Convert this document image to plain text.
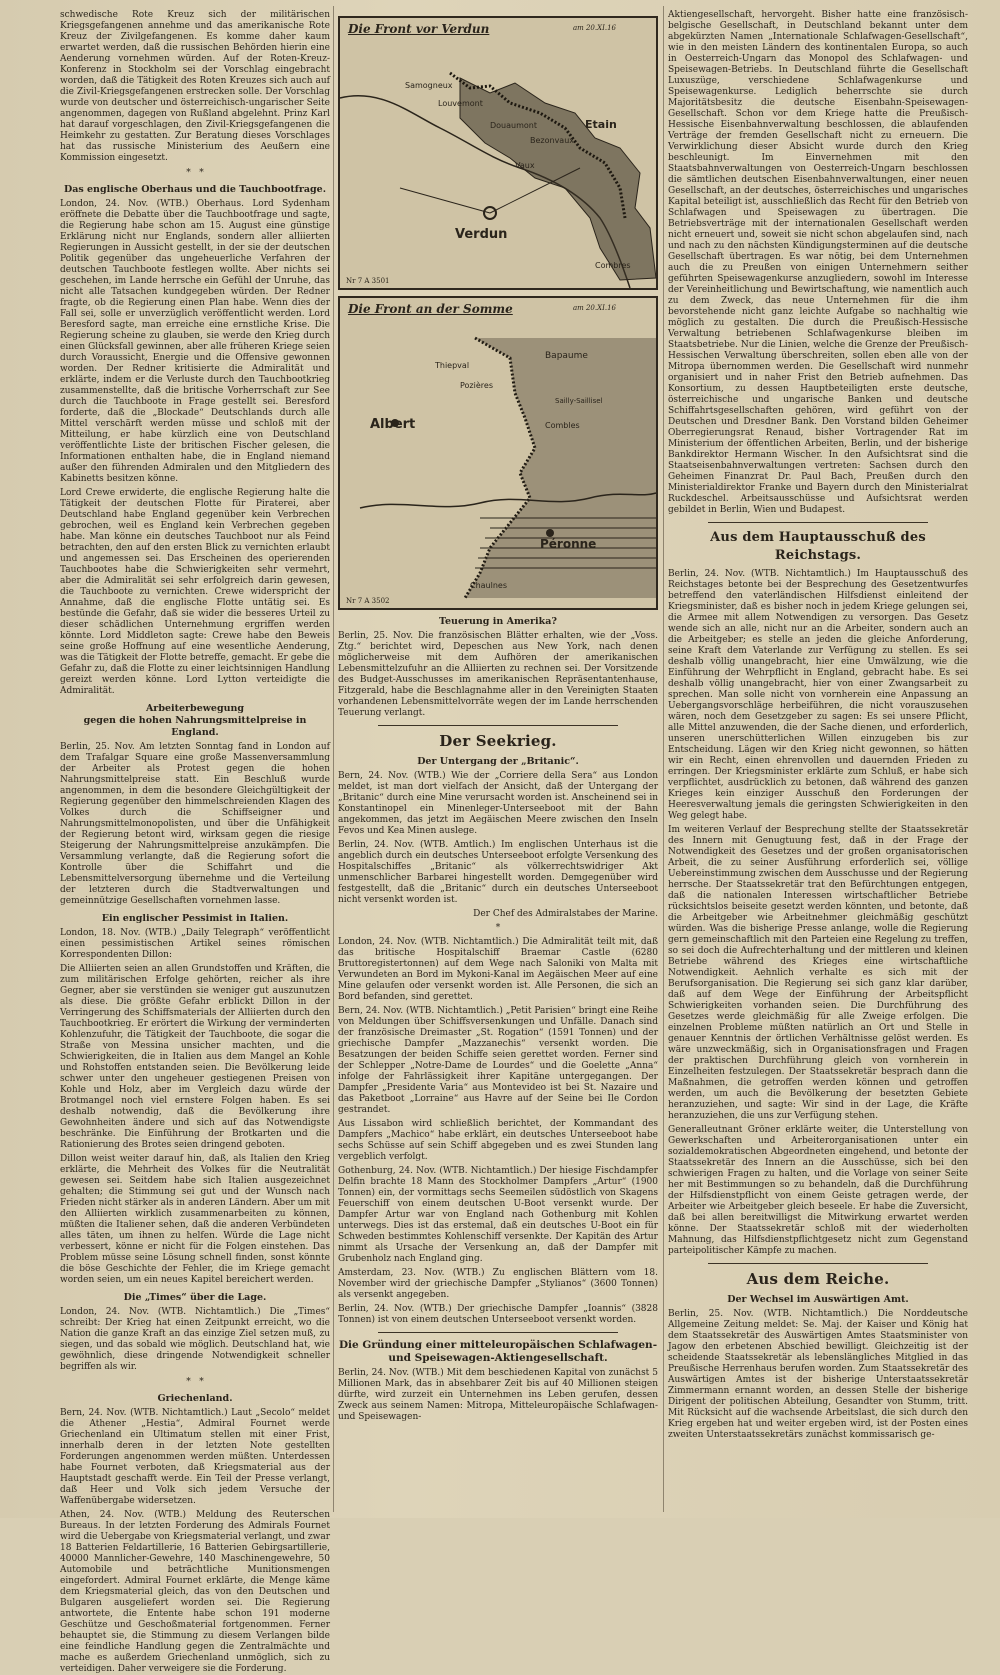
schwedische Rote Kreuz sich der militärischen Kriegsgefangenen annehme und das amerikanische Rote Kreuz der Zivilgefangenen. Es komme daher kaum erwartet werden, daß die russischen Behörden hierin eine Aenderung vornehmen würden. Auf der Roten-Kreuz-Konferenz in Stockholm sei der Vorschlag eingebracht worden, daß die Tätigkeit des Roten Kreuzes sich auch auf die Zivil-Kriegsgefangenen erstrecken solle. Der Vorschlag wurde von deutscher und österreichisch-ungarischer Seite angenommen, dagegen von Rußland abgelehnt. Prinz Karl hat darauf vorgeschlagen, den Zivil-Kriegsgefangenen die Heimkehr zu gestatten. Zur Beratung dieses Vorschlages hat das russische Ministerium des Aeußern eine Kommission eingesetzt.

*   *
Das englische Oberhaus und die Tauchbootfrage.

London, 24. Nov. (WTB.) Oberhaus. Lord Sydenham eröffnete die Debatte über die Tauchbootfrage und sagte, die Regierung habe schon am 15. August eine günstige Erklärung nicht nur Englands, sondern aller alliierten Regierungen in Aussicht gestellt, in der sie der deutschen Politik gegenüber das ungeheuerliche Verfahren der deutschen Tauchboote festlegen wollte. Aber nichts sei geschehen, im Lande herrsche ein Gefühl der Unruhe, das nicht alle Tatsachen kundgegeben würden. Der Redner fragte, ob die Regierung einen Plan habe. Wenn dies der Fall sei, solle er unverzüglich veröffentlicht werden. Lord Beresford sagte, man erreiche eine ernstliche Krise. Die Regierung scheine zu glauben, sie werde den Krieg durch einen Glücksfall gewinnen, aber alle früheren Kriege seien durch Voraussicht, Energie und die Offensive gewonnen worden. Der Redner kritisierte die Admiralität und erklärte, indem er die Verluste durch den Tauchbootkrieg zusammenstellte, daß die britische Vorherrschaft zur See durch die Tauchboote in Frage gestellt sei. Beresford forderte, daß die „Blockade“ Deutschlands durch alle Mittel verschärft werden müsse und schloß mit der Mitteilung, er habe kürzlich eine von Deutschland veröffentlichte Liste der britischen Fischer gelesen, die Informationen enthalten habe, die in England niemand außer den führenden Admiralen und den Mitgliedern des Kabinetts besitzen könne.

Lord Crewe erwiderte, die englische Regierung halte die Tätigkeit der deutschen Flotte für Piraterei, aber Deutschland habe England gegenüber kein Verbrechen gebrochen, weil es England kein Verbrechen gegeben habe. Man könne ein deutsches Tauchboot nur als Feind betrachten, den auf den ersten Blick zu vernichten erlaubt und angemessen sei. Das Erscheinen des operierenden Tauchbootes habe die Schwierigkeiten sehr vermehrt, aber die Admiralität sei sehr erfolgreich darin gewesen, die Tauchboote zu vernichten. Crewe widerspricht der Annahme, daß die englische Flotte untätig sei. Es bestünde die Gefahr, daß sie wider die besseres Urteil zu dieser schädlichen Unternehmung ergriffen werden könnte. Lord Middleton sagte: Crewe habe den Beweis seine große Hoffnung auf eine wesentliche Aenderung, was die Tätigkeit der Flotte betreffe, gemacht. Er gebe die Gefahr zu, daß die Flotte zu einer leichtsinnigen Handlung gereizt werden könne. Lord Lytton verteidigte die Admiralität.

Arbeiterbewegung
gegen die hohen Nahrungsmittelpreise in England.

Berlin, 25. Nov. Am letzten Sonntag fand in London auf dem Trafalgar Square eine große Massenversammlung der Arbeiter als Protest gegen die hohen Nahrungsmittelpreise statt. Ein Beschluß wurde angenommen, in dem die besondere Gleichgültigkeit der Regierung gegenüber den himmelschreienden Klagen des Volkes durch die Schiffseigner und Nahrungsmittelmonopolisten, und über die Unfähigkeit der Regierung betont wird, wirksam gegen die riesige Steigerung der Nahrungsmittelpreise anzukämpfen. Die Versammlung verlangte, daß die Regierung sofort die Kontrolle über die Schiffahrt und die Lebensmittelversorgung übernehme und die Verteilung der letzteren durch die Stadtverwaltungen und gemeinnützige Gesellschaften vornehmen lasse.

Ein englischer Pessimist in Italien.

London, 18. Nov. (WTB.) „Daily Telegraph“ veröffentlicht einen pessimistischen Artikel seines römischen Korrespondenten Dillon:

Die Alliierten seien an allen Grundstoffen und Kräften, die zum militärischen Erfolge gehörten, reicher als ihre Gegner, aber sie verstünden sie weniger gut auszunutzen als diese. Die größte Gefahr erblickt Dillon in der Verringerung des Schiffsmaterials der Alliierten durch den Tauchbootkrieg. Er erörtert die Wirkung der verminderten Kohlenzufuhr, die Tätigkeit der Tauchboote, die sogar die Straße von Messina unsicher machten, und die Schwierigkeiten, die in Italien aus dem Mangel an Kohle und Rohstoffen entstanden seien. Die Bevölkerung leide schwer unter den ungeheuer gestiegenen Preisen von Kohle und Holz, aber im Vergleich dazu würde der Brotmangel noch viel ernstere Folgen haben. Es sei deshalb notwendig, daß die Bevölkerung ihre Gewohnheiten ändere und sich auf das Notwendigste beschränke. Die Einführung der Brotkarten und die Rationierung des Brotes seien dringend geboten.

Dillon weist weiter darauf hin, daß, als Italien den Krieg erklärte, die Mehrheit des Volkes für die Neutralität gewesen sei. Seitdem habe sich Italien ausgezeichnet gehalten; die Stimmung sei gut und der Wunsch nach Frieden nicht stärker als in anderen Ländern. Aber um mit den Alliierten wirklich zusammenarbeiten zu können, müßten die Italiener sehen, daß die anderen Verbündeten alles täten, um ihnen zu helfen. Würde die Lage nicht verbessert, könne er nicht für die Folgen einstehen. Das Problem müsse seine Lösung schnell finden, sonst könnte die böse Geschichte der Fehler, die im Kriege gemacht worden seien, um ein neues Kapitel bereichert werden.

Die „Times“ über die Lage.

London, 24. Nov. (WTB. Nichtamtlich.) Die „Times“ schreibt: Der Krieg hat einen Zeitpunkt erreicht, wo die Nation die ganze Kraft an das einzige Ziel setzen muß, zu siegen, und das sobald wie möglich. Deutschland hat, wie gewöhnlich, diese dringende Notwendigkeit schneller begriffen als wir.

*   *
Griechenland.

Bern, 24. Nov. (WTB. Nichtamtlich.) Laut „Secolo“ meldet die Athener „Hestia“, Admiral Fournet werde Griechenland ein Ultimatum stellen mit einer Frist, innerhalb deren in der letzten Note gestellten Forderungen angenommen werden müßten. Unterdessen habe Fournet verboten, daß Kriegsmaterial aus der Hauptstadt geschafft werde. Ein Teil der Presse verlangt, daß Heer und Volk sich jedem Versuche der Waffenübergabe widersetzen.

Athen, 24. Nov. (WTB.) Meldung des Reuterschen Bureaus. In der letzten Forderung des Admirals Fournet wird die Uebergabe von Kriegsmaterial verlangt, und zwar 18 Batterien Feldartillerie, 16 Batterien Gebirgsartillerie, 40000 Mannlicher-Gewehre, 140 Maschinengewehre, 50 Automobile und beträchtliche Munitionsmengen eingefordert. Admiral Fournet erklärte, die Menge käme dem Kriegsmaterial gleich, das von den Deutschen und Bulgaren ausgeliefert worden sei. Die Regierung antwortete, die Entente habe schon 191 moderne Geschütze und Geschoßmaterial fortgenommen. Ferner behauptet sie, die Stimmung zu diesem Verlangen bilde eine feindliche Handlung gegen die Zentralmächte und mache es außerdem Griechenland unmöglich, sich zu verteidigen. Daher verweigere sie die Forderung.

Louvemont
Douaumont
Vaux
Verdun
Etain
Bezonvaux
Combres
Samogneux
Die Front vor Verdun	am 20.XI.16
Nr 7 A 3501
Albert
Bapaume
Péronne
Combles
Sailly-Saillisel
Thiepval
Pozières
Chaulnes
Die Front an der Somme	am 20.XI.16
Nr 7 A 3502
Teuerung in Amerika?

Berlin, 25. Nov. Die französischen Blätter erhalten, wie der „Voss. Ztg.“ berichtet wird, Depeschen aus New York, nach denen möglicherweise mit dem Aufhören der amerikanischen Lebensmittelzufuhr an die Alliierten zu rechnen sei. Der Vorsitzende des Budget-Ausschusses im amerikanischen Repräsentantenhause, Fitzgerald, habe die Beschlagnahme aller in den Vereinigten Staaten vorhandenen Lebensmittelvorräte wegen der im Lande herrschenden Teuerung verlangt.

Der Seekrieg.
Der Untergang der „Britanic“.

Bern, 24. Nov. (WTB.) Wie der „Corriere della Sera“ aus London meldet, ist man dort vielfach der Ansicht, daß der Untergang der „Britanic“ durch eine Mine verursacht worden ist. Anscheinend sei in Konstantinopel ein Minenleger-Unterseeboot mit der Bahn angekommen, das jetzt im Aegäischen Meere zwischen den Inseln Fevos und Kea Minen auslege.

Berlin, 24. Nov. (WTB. Amtlich.) Im englischen Unterhaus ist die angeblich durch ein deutsches Unterseeboot erfolgte Versenkung des Hospitalschiffes „Britanic“ als völkerrechtswidriger Akt unmenschlicher Barbarei hingestellt worden. Demgegenüber wird festgestellt, daß die „Britanic“ durch ein deutsches Unterseeboot nicht versenkt worden ist.

Der Chef des Admiralstabes der Marine.
*

London, 24. Nov. (WTB. Nichtamtlich.) Die Admiralität teilt mit, daß das britische Hospitalschiff Braemar Castle (6280 Bruttoregistertonnen) auf dem Wege nach Saloniki von Malta mit Verwundeten an Bord im Mykoni-Kanal im Aegäischen Meer auf eine Mine gelaufen oder versenkt worden ist. Alle Personen, die sich an Bord befanden, sind gerettet.

Bern, 24. Nov. (WTB. Nichtamtlich.) „Petit Parisien“ bringt eine Reihe von Meldungen über Schiffsversenkungen und Unfälle. Danach sind der französische Dreimaster „St. Rogation“ (1591 Tonnen) und der griechische Dampfer „Mazzanechis“ versenkt worden. Die Besatzungen der beiden Schiffe seien gerettet worden. Ferner sind der Schlepper „Notre-Dame de Lourdes“ und die Goelette „Anna“ infolge der Fahrlässigkeit ihrer Kapitäne untergegangen. Der Dampfer „Presidente Varia“ aus Montevideo ist bei St. Nazaire und das Paketboot „Lorraine“ aus Havre auf der Seine bei Ile Cordon gestrandet.

Aus Lissabon wird schließlich berichtet, der Kommandant des Dampfers „Machico“ habe erklärt, ein deutsches Unterseeboot habe sechs Schüsse auf sein Schiff abgegeben und es zwei Stunden lang vergeblich verfolgt.

Gothenburg, 24. Nov. (WTB. Nichtamtlich.) Der hiesige Fischdampfer Delfin brachte 18 Mann des Stockholmer Dampfers „Artur“ (1900 Tonnen) ein, der vormittags sechs Seemeilen südöstlich von Skagens Feuerschiff von einem deutschen U-Boot versenkt wurde. Der Dampfer Artur war von England nach Gothenburg mit Kohlen unterwegs. Dies ist das erstemal, daß ein deutsches U-Boot ein für Schweden bestimmtes Kohlenschiff versenkte. Der Kapitän des Artur nimmt als Ursache der Versenkung an, daß der Dampfer mit Grubenholz nach England ging.

Amsterdam, 23. Nov. (WTB.) Zu englischen Blättern vom 18. November wird der griechische Dampfer „Stylianos“ (3600 Tonnen) als versenkt angegeben.

Berlin, 24. Nov. (WTB.) Der griechische Dampfer „Ioannis“ (3828 Tonnen) ist von einem deutschen Unterseeboot versenkt worden.

Die Gründung einer mitteleuropäischen Schlafwagen- und Speisewagen-Aktiengesellschaft.

Berlin, 24. Nov. (WTB.) Mit dem beschiedenen Kapital von zunächst 5 Millionen Mark, das in absehbarer Zeit bis auf 40 Millionen steigen dürfte, wird zurzeit ein Unternehmen ins Leben gerufen, dessen Zweck aus seinem Namen: Mitropa, Mitteleuropäische Schlafwagen- und Speisewagen-

Aktiengesellschaft, hervorgeht. Bisher hatte eine französisch-belgische Gesellschaft, in Deutschland bekannt unter dem abgekürzten Namen „Internationale Schlafwagen-Gesellschaft“, wie in den meisten Ländern des kontinentalen Europa, so auch in Oesterreich-Ungarn das Monopol des Schlafwagen- und Speisewagen-Betriebs. In Deutschland führte die Gesellschaft Luxuszüge, verschiedene Schlafwagenkurse und Speisewagenkurse. Lediglich beherrschte sie durch Majoritätsbesitz die deutsche Eisenbahn-Speisewagen-Gesellschaft. Schon vor dem Kriege hatte die Preußisch-Hessische Eisenbahnverwaltung beschlossen, die ablaufenden Verträge der fremden Gesellschaft nicht zu erneuern. Die Verwirklichung dieser Absicht wurde durch den Krieg beschleunigt. Im Einvernehmen mit den Staatsbahnverwaltungen von Oesterreich-Ungarn beschlossen die sämtlichen deutschen Eisenbahnverwaltungen, einer neuen Gesellschaft, an der deutsches, österreichisches und ungarisches Kapital beteiligt ist, ausschließlich das Recht für den Betrieb von Schlafwagen und Speisewagen zu übertragen. Die Betriebsverträge mit der internationalen Gesellschaft werden nicht erneuert und, soweit sie nicht schon abgelaufen sind, nach und nach zu den nächsten Kündigungsterminen auf die deutsche Gesellschaft übertragen. Es war nötig, bei dem Unternehmen auch die zu Preußen von einigen Unternehmern seither geführten Speisewagenkurse anzugliedern, sowohl im Interesse der Vereinheitlichung und Bewirtschaftung, wie namentlich auch zu dem Zweck, das neue Unternehmen für die ihm bevorstehende nicht ganz leichte Aufgabe so nachhaltig wie möglich zu gestalten. Die durch die Preußisch-Hessische Verwaltung betriebenen Schlafwagenkurse bleiben im Staatsbetriebe. Nur die Linien, welche die Grenze der Preußisch-Hessischen Verwaltung überschreiten, sollen eben alle von der Mitropa übernommen werden. Die Gesellschaft wird nunmehr organisiert und in naher Frist den Betrieb aufnehmen. Das Konsortium, zu dessen Hauptbeteiligten erste deutsche, österreichische und ungarische Banken und deutsche Schiffahrtsgesellschaften gehören, wird geführt von der Deutschen und Dresdner Bank. Den Vorstand bilden Geheimer Oberregierungsrat Renaud, bisher Vortragender Rat im Ministerium der öffentlichen Arbeiten, Berlin, und der bisherige Bankdirektor Hermann Wischer. In den Aufsichtsrat sind die Staatseisenbahnverwaltungen vertreten: Sachsen durch den Geheimen Finanzrat Dr. Paul Bach, Preußen durch den Ministerialdirektor Franke und Bayern durch den Ministerialrat Ruckdeschel. Arbeitsausschüsse und Aufsichtsrat werden gebildet in Berlin, Wien und Budapest.

Aus dem Hauptausschuß des Reichstags.

Berlin, 24. Nov. (WTB. Nichtamtlich.) Im Hauptausschuß des Reichstages betonte bei der Besprechung des Gesetzentwurfes betreffend den vaterländischen Hilfsdienst einleitend der Kriegsminister, daß es bisher noch in jedem Kriege gelungen sei, die Armee mit allem Notwendigen zu versorgen. Das Gesetz wende sich an alle, nicht nur an die Arbeiter, sondern auch an die Arbeitgeber; es stelle an jeden die gleiche Anforderung, seine Kraft dem Vaterlande zur Verfügung zu stellen. Es sei deshalb völlig unangebracht, hier eine Umwälzung, wie die Einführung der Wehrpflicht in England, gebracht habe. Es sei deshalb völlig unangebracht, hier von einer Zwangsarbeit zu sprechen. Man solle nicht von vornherein eine Anpassung an Uebergangsvorschläge herbeiführen, die nicht vorauszusehen wären, noch dem Gesetzgeber zu sagen: Es sei unsere Pflicht, alle Mittel anzuwenden, die der Sache dienen, und erforderlich, unseren unerschütterlichen Willen einzugeben bis zur Entscheidung. Lägen wir den Krieg nicht gewonnen, so hätten wir ein Recht, einen ehrenvollen und dauernden Frieden zu erringen. Der Kriegsminister erklärte zum Schluß, er habe sich verpflichtet, ausdrücklich zu betonen, daß während des ganzen Krieges kein einziger Ausschuß den Forderungen der Heeresverwaltung jemals die geringsten Schwierigkeiten in den Weg gelegt habe.

Im weiteren Verlauf der Besprechung stellte der Staatssekretär des Innern mit Genugtuung fest, daß in der Frage der Notwendigkeit des Gesetzes und der großen organisatorischen Arbeit, die zu seiner Ausführung erforderlich sei, völlige Uebereinstimmung zwischen dem Ausschusse und der Regierung herrsche. Der Staatssekretär trat den Befürchtungen entgegen, daß die nationalen Interessen wirtschaftlicher Betriebe rücksichtslos beiseite gesetzt werden könnten, und betonte, daß die Arbeitgeber wie Arbeitnehmer gleichmäßig geschützt würden. Was die bisherige Presse anlange, wolle die Regierung gern gemeinschaftlich mit den Parteien eine Regelung zu treffen, so sei doch die Aufrechterhaltung und der mittleren und kleinen Betriebe während des Krieges eine wirtschaftliche Notwendigkeit. Aehnlich verhalte es sich mit der Berufsorganisation. Die Regierung sei sich ganz klar darüber, daß auf dem Wege der Einführung der Arbeitspflicht Schwierigkeiten vorhanden seien. Die Durchführung des Gesetzes werde gleichmäßig für alle Zweige erfolgen. Die einzelnen Probleme müßten natürlich an Ort und Stelle in genauer Kenntnis der örtlichen Verhältnisse gelöst werden. Es wäre unzweckmäßig, sich in Organisationsfragen und Fragen der praktischen Durchführung gleich von vornherein in Einzelheiten festzulegen. Der Staatssekretär besprach dann die Maßnahmen, die getroffen werden können und getroffen werden, um auch die Bevölkerung der besetzten Gebiete heranzuziehen, und sagte: Wir sind in der Lage, die Kräfte heranzuziehen, die uns zur Verfügung stehen.

Generalleutnant Gröner erklärte weiter, die Unterstellung von Gewerkschaften und Arbeiterorganisationen unter ein sozialdemokratischen Abgeordneten eingehend, und betonte der Staatssekretär des Innern an die Ausschüsse, sich bei den schwierigen Fragen zu halten, und die Vorlage von seiner Seite her mit Bestimmungen so zu behandeln, daß die Durchführung der Hilfsdienstpflicht von einem Geiste getragen werde, der Arbeiter wie Arbeitgeber gleich beseele. Er habe die Zuversicht, daß bei allen bereitwilligst die Mitwirkung erwartet werden könne. Der Staatssekretär schloß mit der wiederholten Mahnung, das Hilfsdienstpflichtgesetz nicht zum Gegenstand parteipolitischer Kämpfe zu machen.

Aus dem Reiche.
Der Wechsel im Auswärtigen Amt.

Berlin, 25. Nov. (WTB. Nichtamtlich.) Die Norddeutsche Allgemeine Zeitung meldet: Se. Maj. der Kaiser und König hat dem Staatssekretär des Auswärtigen Amtes Staatsminister von Jagow den erbetenen Abschied bewilligt. Gleichzeitig ist der scheidende Staatssekretär als lebenslängliches Mitglied in das Preußische Herrenhaus berufen worden. Zum Staatssekretär des Auswärtigen Amtes ist der bisherige Unterstaatssekretär Zimmermann ernannt worden, an dessen Stelle der bisherige Dirigent der politischen Abteilung, Gesandter von Stumm, tritt. Mit Rücksicht auf die wachsende Arbeitslast, die sich durch den Krieg ergeben hat und weiter ergeben wird, ist der Posten eines zweiten Unterstaatssekretärs zunächst kommissarisch ge-
